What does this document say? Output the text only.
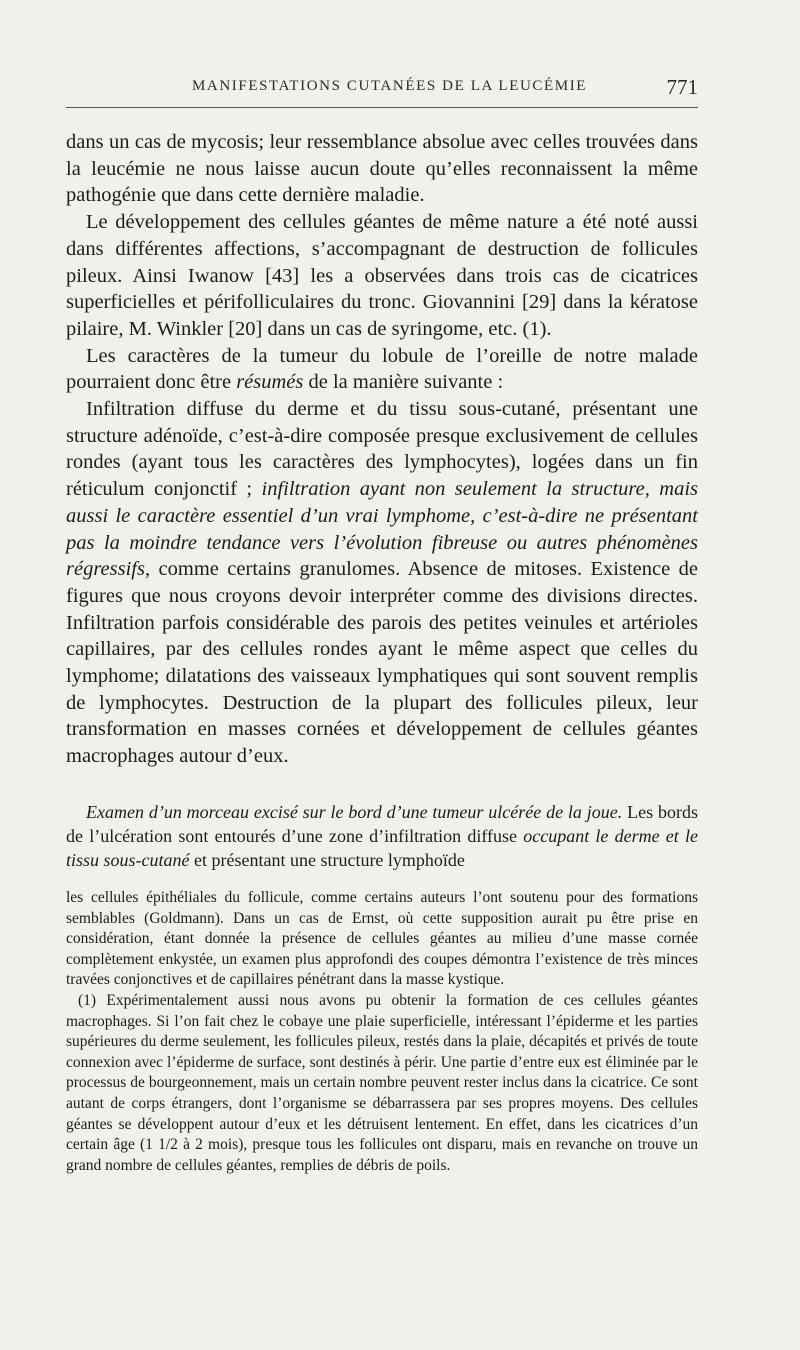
MANIFESTATIONS CUTANÉES DE LA LEUCÉMIE	771

dans un cas de mycosis; leur ressemblance absolue avec celles trouvées dans la leucémie ne nous laisse aucun doute qu’elles reconnaissent la même pathogénie que dans cette dernière maladie.

Le développement des cellules géantes de même nature a été noté aussi dans différentes affections, s’accompagnant de destruction de follicules pileux. Ainsi Iwanow [43] les a observées dans trois cas de cicatrices superficielles et périfolliculaires du tronc. Giovannini [29] dans la kératose pilaire, M. Winkler [20] dans un cas de syringome, etc. (1).

Les caractères de la tumeur du lobule de l’oreille de notre malade pourraient donc être résumés de la manière suivante :

Infiltration diffuse du derme et du tissu sous-cutané, présentant une structure adénoïde, c’est-à-dire composée presque exclusivement de cellules rondes (ayant tous les caractères des lymphocytes), logées dans un fin réticulum conjonctif ; infiltration ayant non seulement la structure, mais aussi le caractère essentiel d’un vrai lymphome, c’est-à-dire ne présentant pas la moindre tendance vers l’évolution fibreuse ou autres phénomènes régressifs, comme certains granulomes. Absence de mitoses. Existence de figures que nous croyons devoir interpréter comme des divisions directes. Infiltration parfois considérable des parois des petites veinules et artérioles capillaires, par des cellules rondes ayant le même aspect que celles du lymphome; dilatations des vaisseaux lymphatiques qui sont souvent remplis de lymphocytes. Destruction de la plupart des follicules pileux, leur transformation en masses cornées et développement de cellules géantes macrophages autour d’eux.

Examen d’un morceau excisé sur le bord d’une tumeur ulcérée de la joue. Les bords de l’ulcération sont entourés d’une zone d’infiltration diffuse occupant le derme et le tissu sous-cutané et présentant une structure lymphoïde

les cellules épithéliales du follicule, comme certains auteurs l’ont soutenu pour des formations semblables (Goldmann). Dans un cas de Ernst, où cette supposition aurait pu être prise en considération, étant donnée la présence de cellules géantes au milieu d’une masse cornée complètement enkystée, un examen plus approfondi des coupes démontra l’existence de très minces travées conjonctives et de capillaires pénétrant dans la masse kystique.

(1) Expérimentalement aussi nous avons pu obtenir la formation de ces cellules géantes macrophages. Si l’on fait chez le cobaye une plaie superficielle, intéressant l’épiderme et les parties supérieures du derme seulement, les follicules pileux, restés dans la plaie, décapités et privés de toute connexion avec l’épiderme de surface, sont destinés à périr. Une partie d’entre eux est éliminée par le processus de bourgeonnement, mais un certain nombre peuvent rester inclus dans la cicatrice. Ce sont autant de corps étrangers, dont l’organisme se débarrassera par ses propres moyens. Des cellules géantes se développent autour d’eux et les détruisent lentement. En effet, dans les cicatrices d’un certain âge (1 1/2 à 2 mois), presque tous les follicules ont disparu, mais en revanche on trouve un grand nombre de cellules géantes, remplies de débris de poils.
